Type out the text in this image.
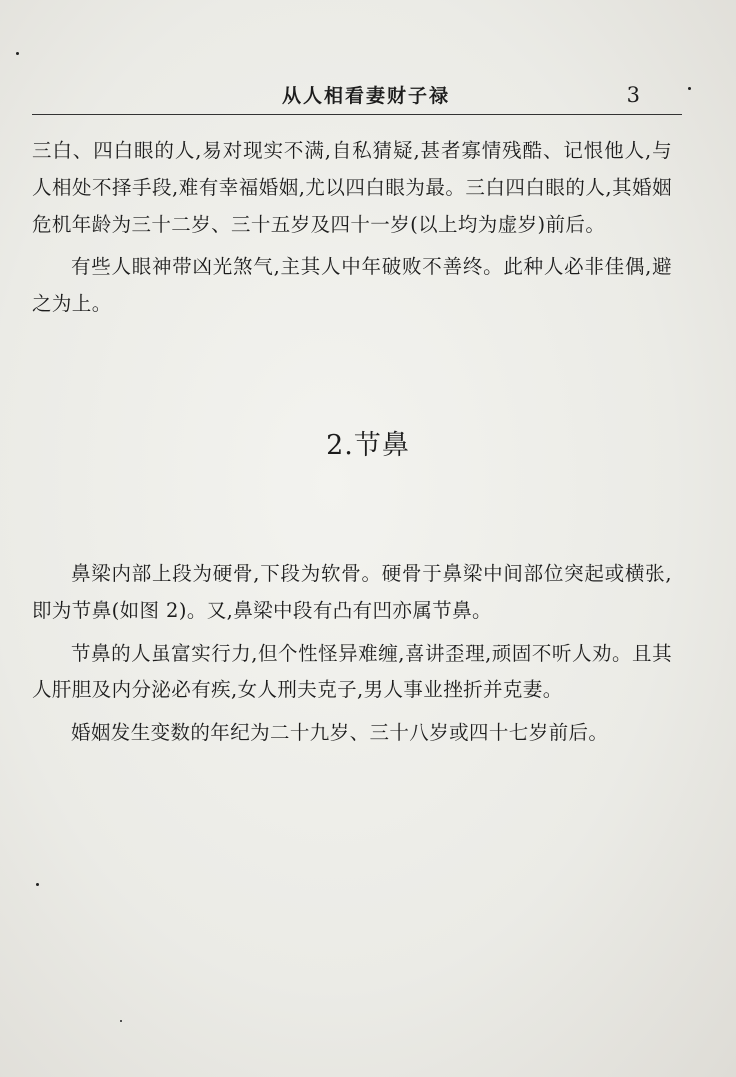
从人相看妻财子禄	3

三白、四白眼的人,易对现实不满,自私猜疑,甚者寡情残酷、记恨他人,与人相处不择手段,难有幸福婚姻,尤以四白眼为最。三白四白眼的人,其婚姻危机年龄为三十二岁、三十五岁及四十一岁(以上均为虚岁)前后。

有些人眼神带凶光煞气,主其人中年破败不善终。此种人必非佳偶,避之为上。

2.节鼻

鼻梁内部上段为硬骨,下段为软骨。硬骨于鼻梁中间部位突起或横张,即为节鼻(如图 2)。又,鼻梁中段有凸有凹亦属节鼻。

节鼻的人虽富实行力,但个性怪异难缠,喜讲歪理,顽固不听人劝。且其人肝胆及内分泌必有疾,女人刑夫克子,男人事业挫折并克妻。

婚姻发生变数的年纪为二十九岁、三十八岁或四十七岁前后。
